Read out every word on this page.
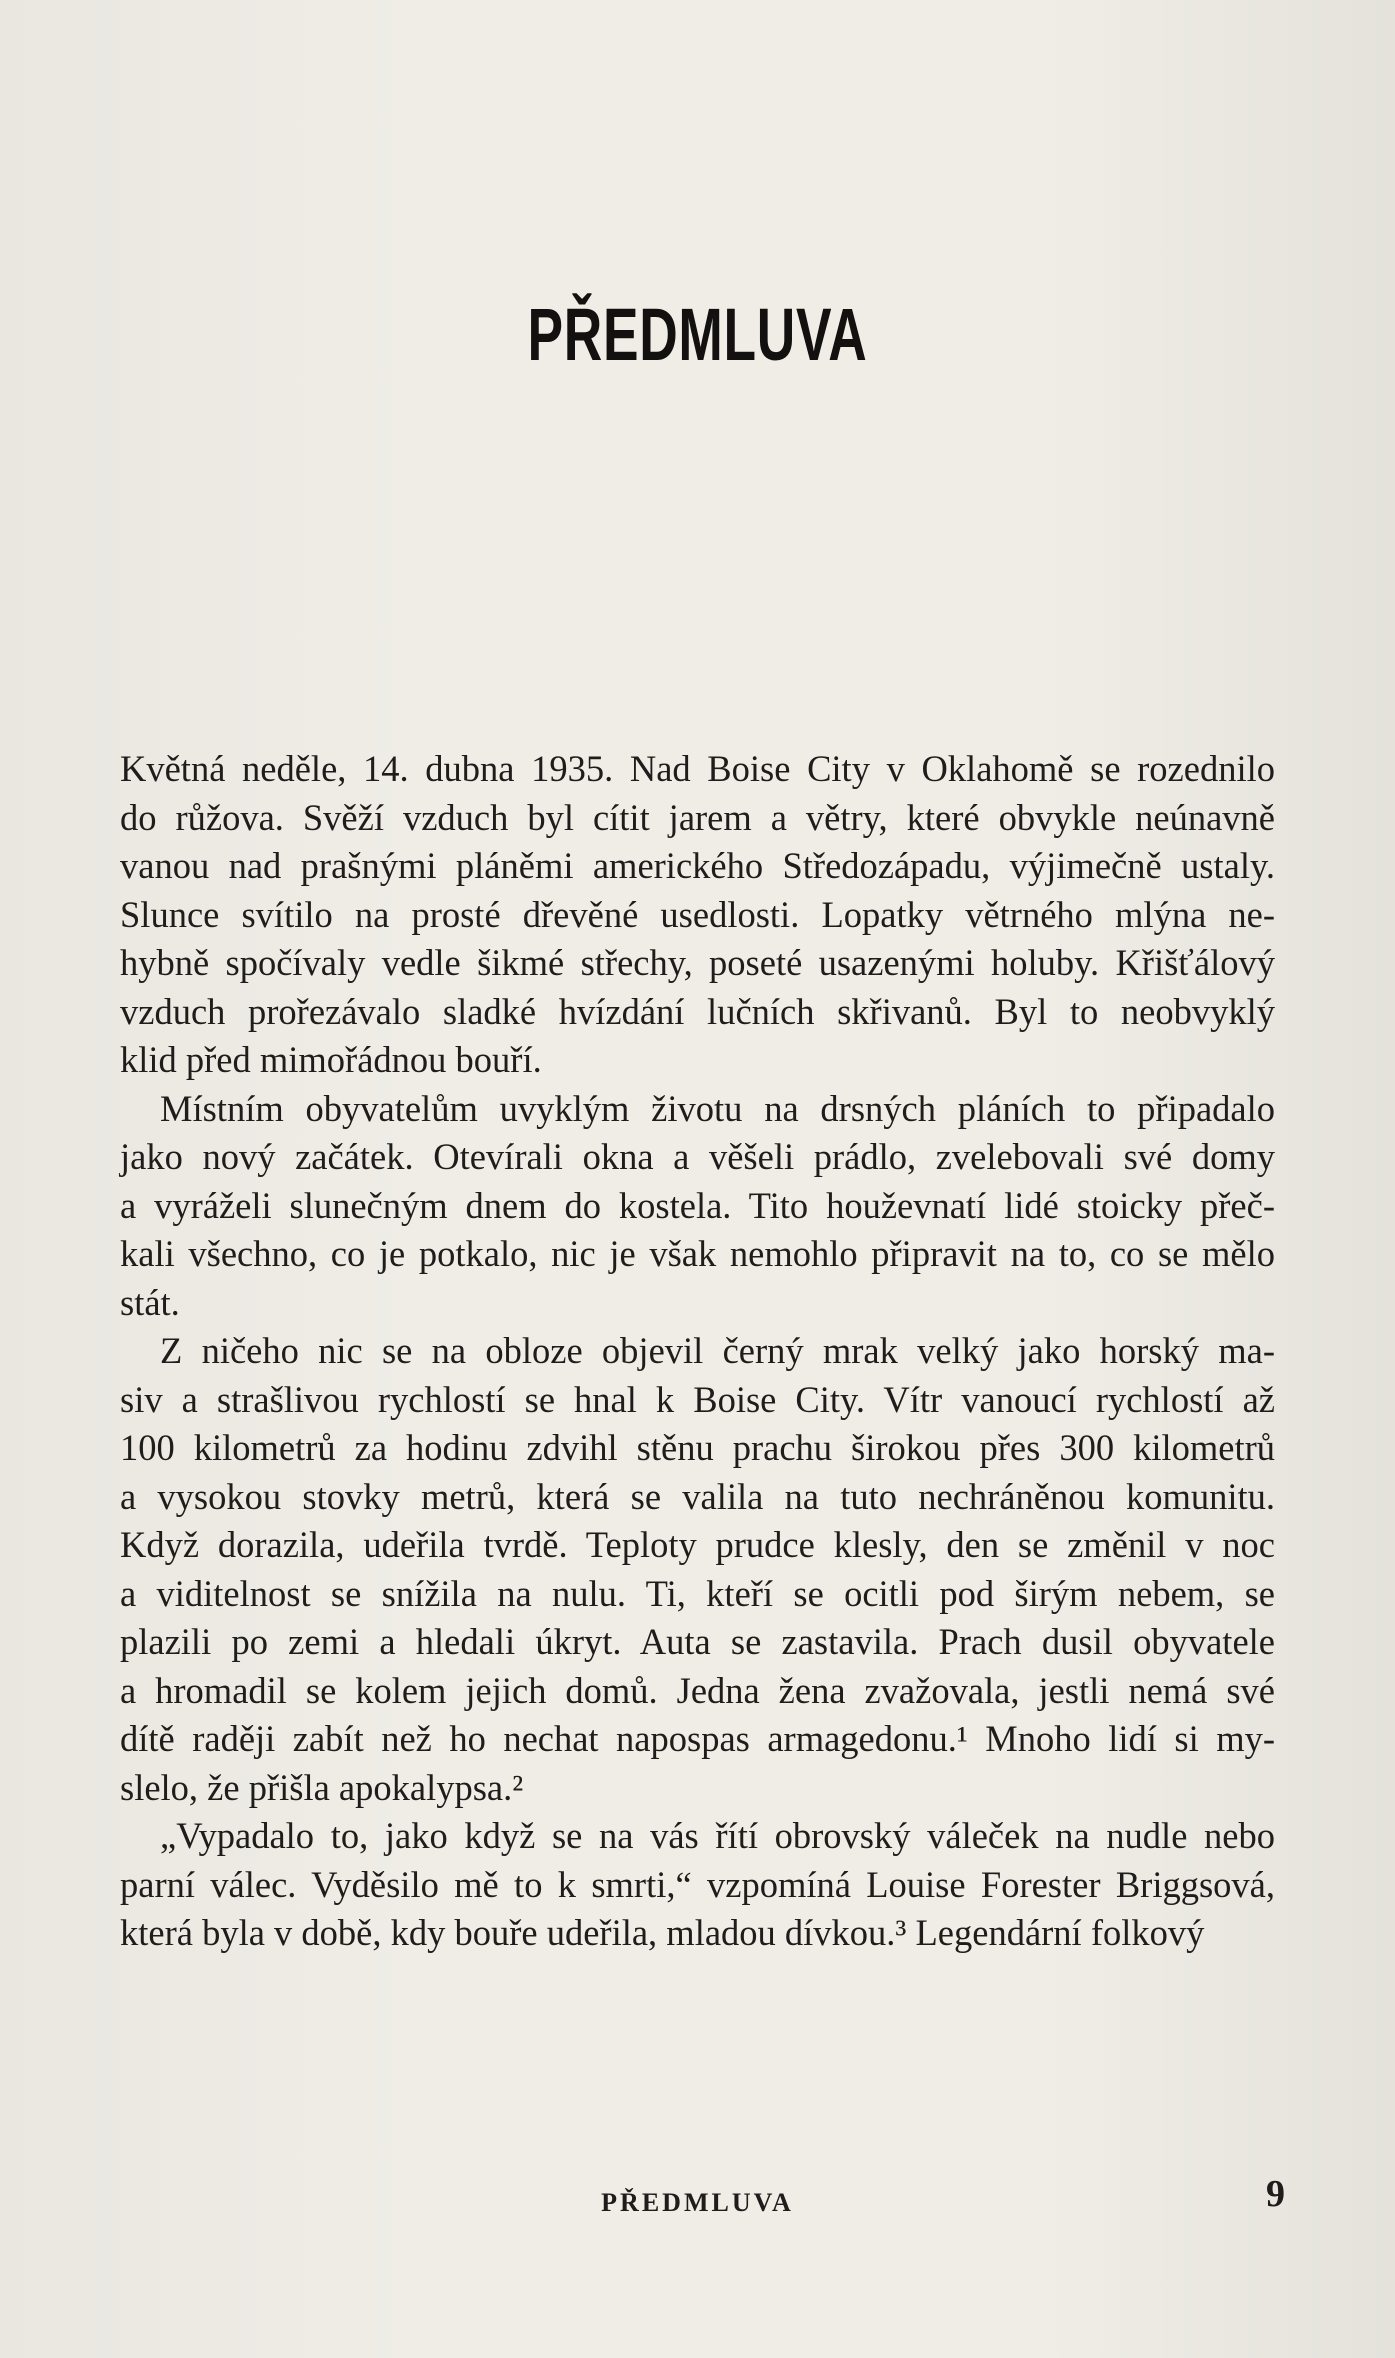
PŘEDMLUVA
Květná neděle, 14. dubna 1935. Nad Boise City v Oklahomě se rozednilo
do růžova. Svěží vzduch byl cítit jarem a větry, které obvykle neúnavně
vanou nad prašnými pláněmi amerického Středozápadu, výjimečně ustaly.
Slunce svítilo na prosté dřevěné usedlosti. Lopatky větrného mlýna ne-
hybně spočívaly vedle šikmé střechy, poseté usazenými holuby. Křišťálový
vzduch prořezávalo sladké hvízdání lučních skřivanů. Byl to neobvyklý
klid před mimořádnou bouří.
Místním obyvatelům uvyklým životu na drsných pláních to připadalo
jako nový začátek. Otevírali okna a věšeli prádlo, zvelebovali své domy
a vyráželi slunečným dnem do kostela. Tito houževnatí lidé stoicky přeč-
kali všechno, co je potkalo, nic je však nemohlo připravit na to, co se mělo
stát.
Z ničeho nic se na obloze objevil černý mrak velký jako horský ma-
siv a strašlivou rychlostí se hnal k Boise City. Vítr vanoucí rychlostí až
100 kilometrů za hodinu zdvihl stěnu prachu širokou přes 300 kilometrů
a vysokou stovky metrů, která se valila na tuto nechráněnou komunitu.
Když dorazila, udeřila tvrdě. Teploty prudce klesly, den se změnil v noc
a viditelnost se snížila na nulu. Ti, kteří se ocitli pod širým nebem, se
plazili po zemi a hledali úkryt. Auta se zastavila. Prach dusil obyvatele
a hromadil se kolem jejich domů. Jedna žena zvažovala, jestli nemá své
dítě raději zabít než ho nechat napospas armagedonu.¹ Mnoho lidí si my-
slelo, že přišla apokalypsa.²
„Vypadalo to, jako když se na vás řítí obrovský váleček na nudle nebo
parní válec. Vyděsilo mě to k smrti,“ vzpomíná Louise Forester Briggsová,
která byla v době, kdy bouře udeřila, mladou dívkou.³ Legendární folkový
PŘEDMLUVA	9
